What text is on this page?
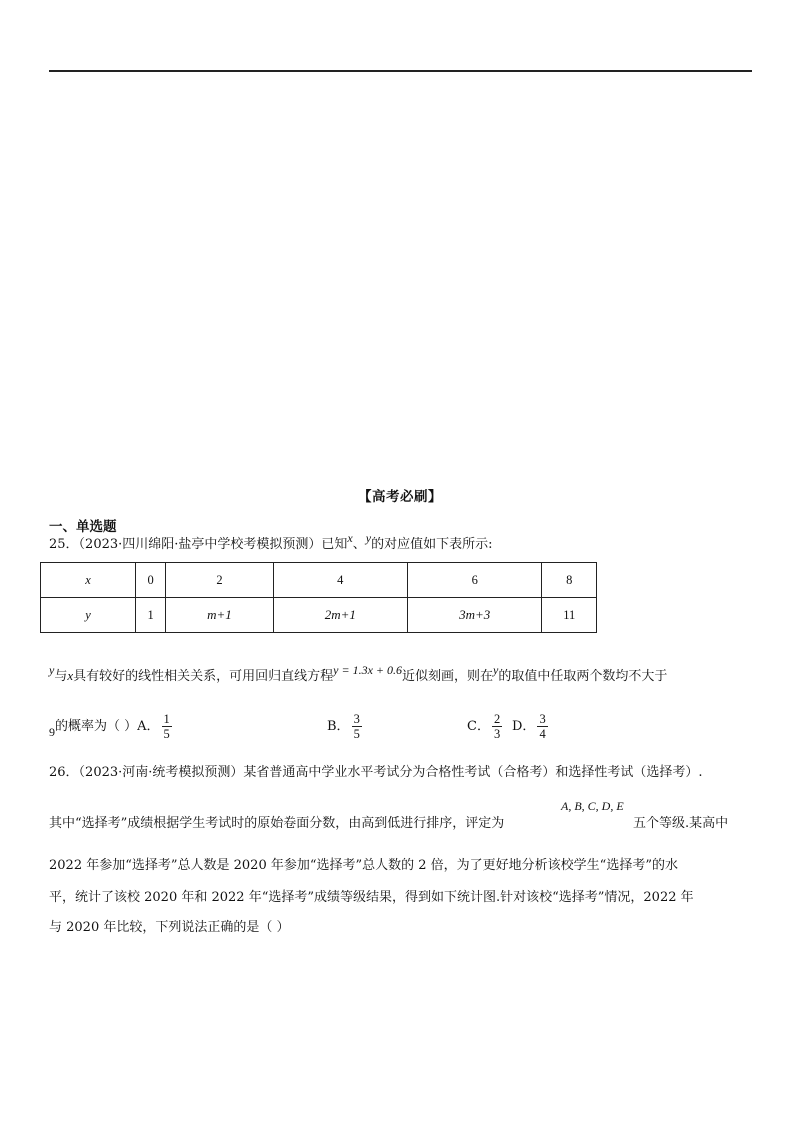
【高考必刷】
一、单选题
25．（2023·四川绵阳·盐亭中学校考模拟预测）已知x、y的对应值如下表所示:
x	0	2	4	6	8
y	1	m+1	2m+1	3m+3	11
y与x具有较好的线性相关关系，可用回归直线方程y = 1.3x + 0.6近似刻画，则在y的取值中任取两个数均不大于
9的概率为（ ）A． $\frac{1}{5}$	B． $\frac{3}{5}$	C． $\frac{2}{3}$ D． $\frac{3}{4}$
26．（2023·河南·统考模拟预测）某省普通高中学业水平考试分为合格性考试（合格考）和选择性考试（选择考）.
A, B, C, D, E
其中“选择考”成绩根据学生考试时的原始卷面分数，由高到低进行排序，评定为	五个等级.某高中
2022 年参加“选择考”总人数是 2020 年参加“选择考”总人数的 2 倍，为了更好地分析该校学生“选择考”的水
平，统计了该校 2020 年和 2022 年“选择考”成绩等级结果，得到如下统计图.针对该校“选择考”情况，2022 年
与 2020 年比较，下列说法正确的是（ ）
